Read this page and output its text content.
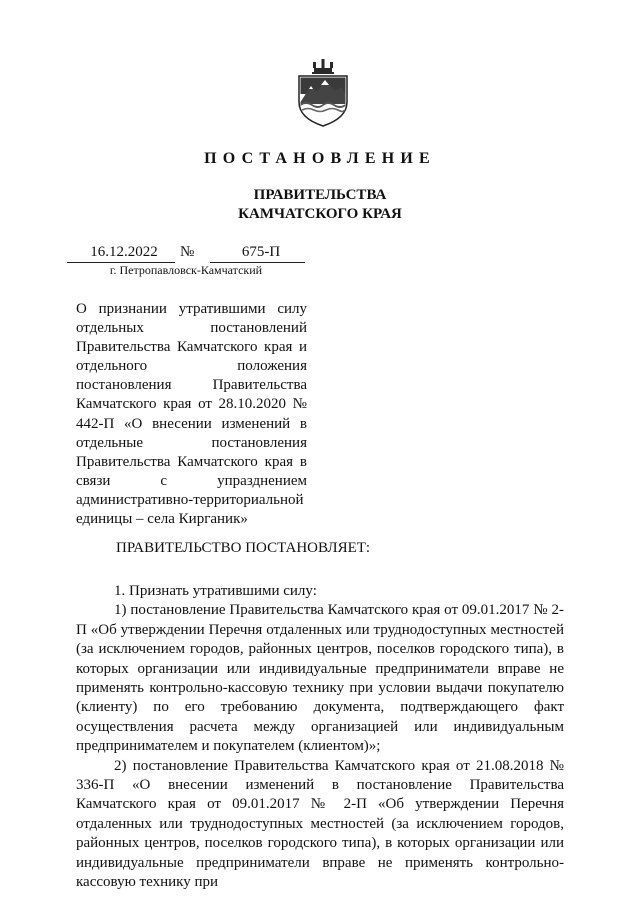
ПОСТАНОВЛЕНИЕ
ПРАВИТЕЛЬСТВА
КАМЧАТСКОГО КРАЯ
16.12.2022	№	675-П

г. Петропавловск-Камчатский

О признании утратившими силу отдельных постановлений Правительства Камчатского края и отдельного положения постановления Правительства Камчатского края от 28.10.2020 № 442-П «О внесении изменений в отдельные постановления Правительства Камчатского края в связи с упразднением административно-территориальной единицы – села Кирганик»

ПРАВИТЕЛЬСТВО ПОСТАНОВЛЯЕТ:

1. Признать утратившими силу:

1) постановление Правительства Камчатского края от 09.01.2017 № 2-П «Об утверждении Перечня отдаленных или труднодоступных местностей (за исключением городов, районных центров, поселков городского типа), в которых организации или индивидуальные предприниматели вправе не применять контрольно-кассовую технику при условии выдачи покупателю (клиенту) по его требованию документа, подтверждающего факт осуществления расчета между организацией или индивидуальным предпринимателем и покупателем (клиентом)»;

2) постановление Правительства Камчатского края от 21.08.2018 № 336-П «О внесении изменений в постановление Правительства Камчатского края от 09.01.2017 № 2-П «Об утверждении Перечня отдаленных или труднодоступных местностей (за исключением городов, районных центров, поселков городского типа), в которых организации или индивидуальные предприниматели вправе не применять контрольно-кассовую технику при
